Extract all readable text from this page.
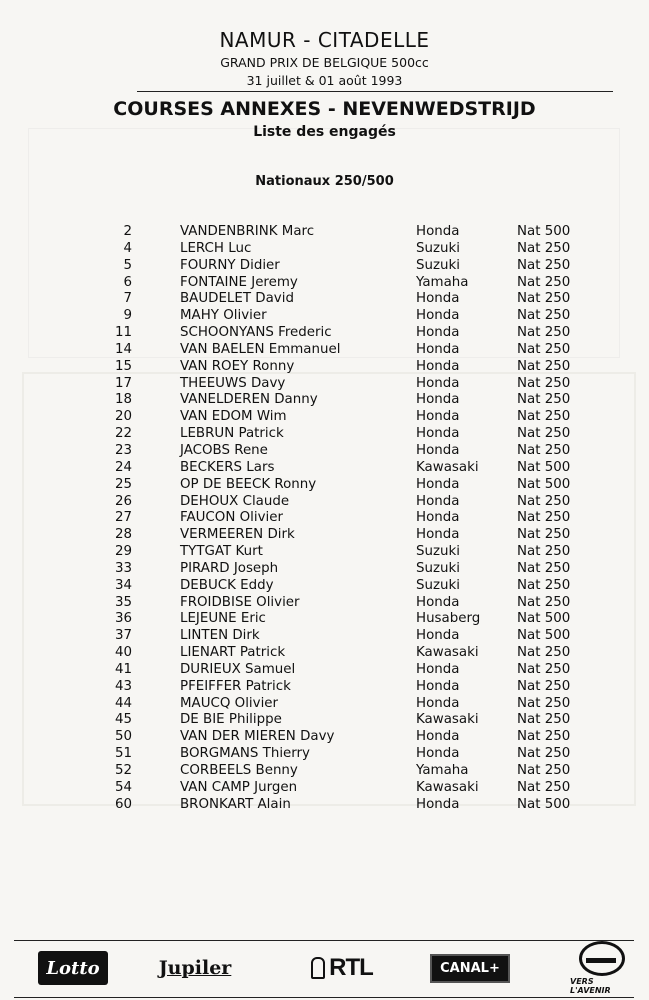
NAMUR - CITADELLE
GRAND PRIX DE BELGIQUE 500cc
31 juillet & 01 août 1993
COURSES ANNEXES - NEVENWEDSTRIJD
Liste des engagés
Nationaux 250/500
2	VANDENBRINK Marc	Honda	Nat 500
4	LERCH Luc	Suzuki	Nat 250
5	FOURNY Didier	Suzuki	Nat 250
6	FONTAINE Jeremy	Yamaha	Nat 250
7	BAUDELET David	Honda	Nat 250
9	MAHY Olivier	Honda	Nat 250
11	SCHOONYANS Frederic	Honda	Nat 250
14	VAN BAELEN Emmanuel	Honda	Nat 250
15	VAN ROEY Ronny	Honda	Nat 250
17	THEEUWS Davy	Honda	Nat 250
18	VANELDEREN Danny	Honda	Nat 250
20	VAN EDOM Wim	Honda	Nat 250
22	LEBRUN Patrick	Honda	Nat 250
23	JACOBS Rene	Honda	Nat 250
24	BECKERS Lars	Kawasaki	Nat 500
25	OP DE BEECK Ronny	Honda	Nat 500
26	DEHOUX Claude	Honda	Nat 250
27	FAUCON Olivier	Honda	Nat 250
28	VERMEEREN Dirk	Honda	Nat 250
29	TYTGAT Kurt	Suzuki	Nat 250
33	PIRARD Joseph	Suzuki	Nat 250
34	DEBUCK Eddy	Suzuki	Nat 250
35	FROIDBISE Olivier	Honda	Nat 250
36	LEJEUNE Eric	Husaberg	Nat 500
37	LINTEN Dirk	Honda	Nat 500
40	LIENART Patrick	Kawasaki	Nat 250
41	DURIEUX Samuel	Honda	Nat 250
43	PFEIFFER Patrick	Honda	Nat 250
44	MAUCQ Olivier	Honda	Nat 250
45	DE BIE Philippe	Kawasaki	Nat 250
50	VAN DER MIEREN Davy	Honda	Nat 250
51	BORGMANS Thierry	Honda	Nat 250
52	CORBEELS Benny	Yamaha	Nat 250
54	VAN CAMP Jurgen	Kawasaki	Nat 250
60	BRONKART Alain	Honda	Nat 500
Lotto	Jupiler	RTL	CANAL+
VERS L'AVENIR
